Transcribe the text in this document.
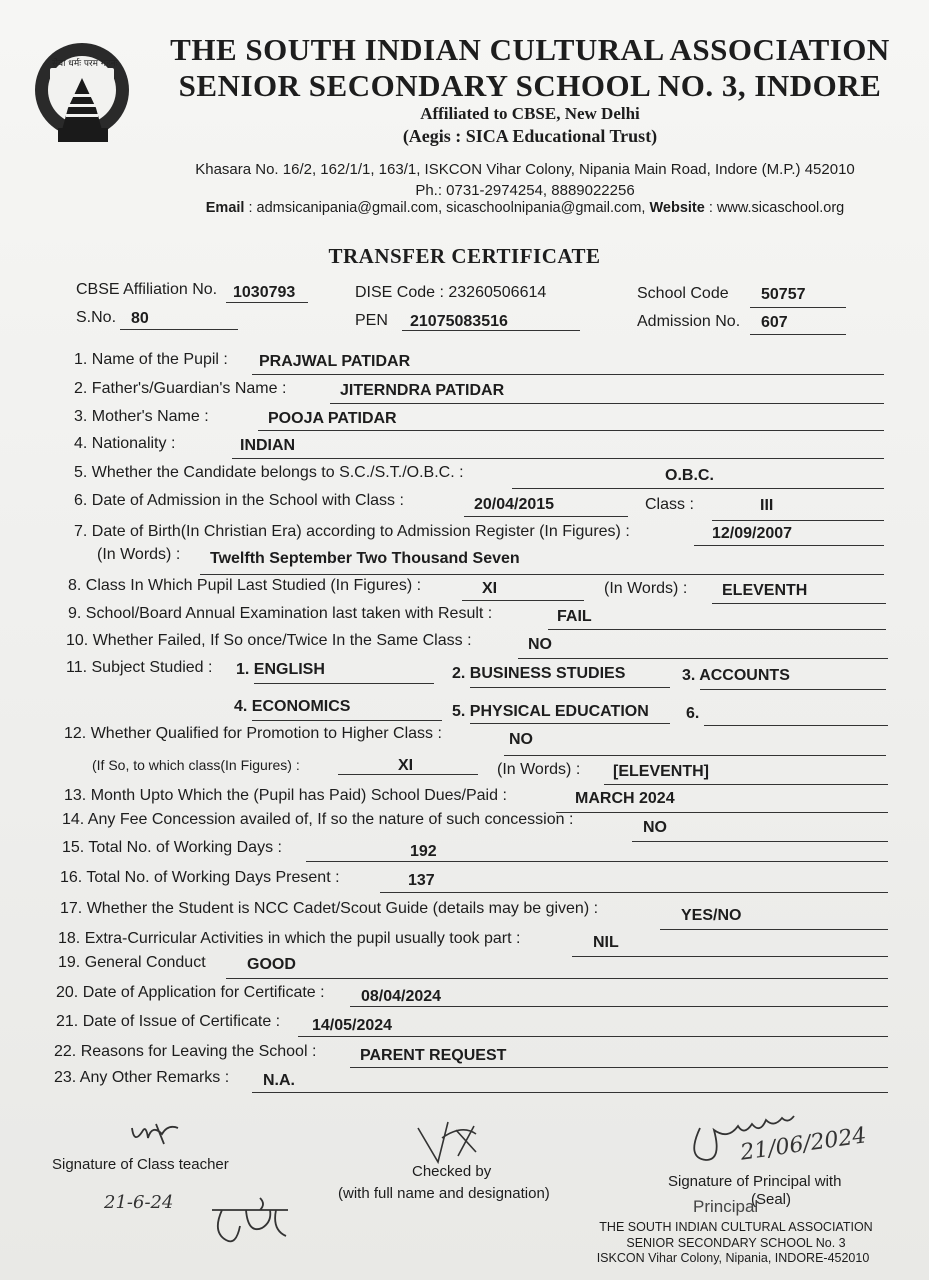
सेवा धर्मः परम गहनः	THE SOUTH INDIAN CULTURAL ASSOCIATION
SENIOR SECONDARY SCHOOL NO. 3, INDORE
Affiliated to CBSE, New Delhi
(Aegis : SICA Educational Trust)
Khasara No. 16/2, 162/1/1, 163/1, ISKCON Vihar Colony, Nipania Main Road, Indore (M.P.) 452010
Ph.: 0731-2974254, 8889022256
Email : admsicanipania@gmail.com, sicaschoolnipania@gmail.com, Website : www.sicaschool.org
TRANSFER CERTIFICATE
CBSE Affiliation No. 1030793	DISE Code : 23260506614	School Code 50757
S.No. 80	PEN 21075083516	Admission No. 607
1. Name of the Pupil : PRAJWAL PATIDAR
2. Father's/Guardian's Name :	JITERNDRA PATIDAR
3. Mother's Name :	POOJA PATIDAR
4. Nationality :	INDIAN
5. Whether the Candidate belongs to S.C./S.T./O.B.C. :	O.B.C.
6. Date of Admission in the School with Class :	20/04/2015	Class :	III
7. Date of Birth(In Christian Era) according to Admission Register (In Figures) :	12/09/2007
(In Words) : Twelfth September Two Thousand Seven
8. Class In Which Pupil Last Studied (In Figures) :	XI	(In Words) : ELEVENTH
9. School/Board Annual Examination last taken with Result :	FAIL
10. Whether Failed, If So once/Twice In the Same Class :	NO
11. Subject Studied : 1. ENGLISH	2. BUSINESS STUDIES	3. ACCOUNTS
4. ECONOMICS	5. PHYSICAL EDUCATION 6.
12. Whether Qualified for Promotion to Higher Class :	NO
(If So, to which class(In Figures) :	XI	(In Words) : [ELEVENTH]
13. Month Upto Which the (Pupil has Paid) School Dues/Paid :	MARCH 2024
14. Any Fee Concession availed of, If so the nature of such concession :	NO
15. Total No. of Working Days :	192
16. Total No. of Working Days Present :	137
17. Whether the Student is NCC Cadet/Scout Guide (details may be given) :	YES/NO
18. Extra-Curricular Activities in which the pupil usually took part :	NIL
19. General Conduct	GOOD
20. Date of Application for Certificate : 08/04/2024
21. Date of Issue of Certificate : 14/05/2024
22. Reasons for Leaving the School :	PARENT REQUEST
23. Any Other Remarks : N.A.
Signature of Class teacher
21-6-24
Checked by
(with full name and designation)
21/06/2024
Signature of Principal with
Principal
(Seal)
THE SOUTH INDIAN CULTURAL ASSOCIATION
SENIOR SECONDARY SCHOOL No. 3
ISKCON Vihar Colony, Nipania, INDORE-452010
